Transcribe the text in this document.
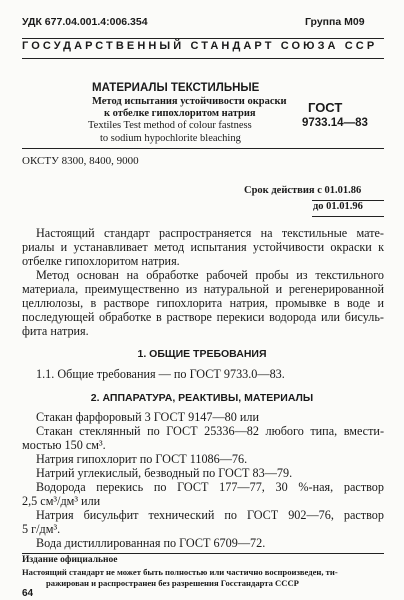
УДК 677.04.001.4:006.354	Группа М09
ГОСУДАРСТВЕННЫЙ СТАНДАРТ СОЮЗА ССР
МАТЕРИАЛЫ ТЕКСТИЛЬНЫЕ
Метод испытания устойчивости окраски
к отбелке гипохлоритом натрия
Textiles Test method of colour fastness
to sodium hypochlorite bleaching
ГОСТ
9733.14—83
ОКСТУ 8300, 8400, 9000
Срок действия с 01.01.86
до 01.01.96
Настоящий стандарт распространяется на текстильные мате-
риалы и устанавливает метод испытания устойчивости окраски к
отбелке гипохлоритом натрия.
Метод основан на обработке рабочей пробы из текстильного
материала, преимущественно из натуральной и регенерированной
целлюлозы, в растворе гипохлорита натрия, промывке в воде и
последующей обработке в растворе перекиси водорода или бисуль-
фита натрия.
1. ОБЩИЕ ТРЕБОВАНИЯ
1.1. Общие требования — по ГОСТ 9733.0—83.
2. АППАРАТУРА, РЕАКТИВЫ, МАТЕРИАЛЫ
Стакан фарфоровый 3 ГОСТ 9147—80 или
Стакан стеклянный по ГОСТ 25336—82 любого типа, вмести-
мостью 150 см³.
Натрия гипохлорит по ГОСТ 11086—76.
Натрий углекислый, безводный по ГОСТ 83—79.
Водорода перекись по ГОСТ 177—77, 30 %-ная, раствор
2,5 см³/дм³ или
Натрия бисульфит технический по ГОСТ 902—76, раствор
5 г/дм³.
Вода дистиллированная по ГОСТ 6709—72.
Издание официальное
Настоящий стандарт не может быть полностью или частично воспроизведен, ти-
ражирован и распространен без разрешения Госстандарта СССР
64
